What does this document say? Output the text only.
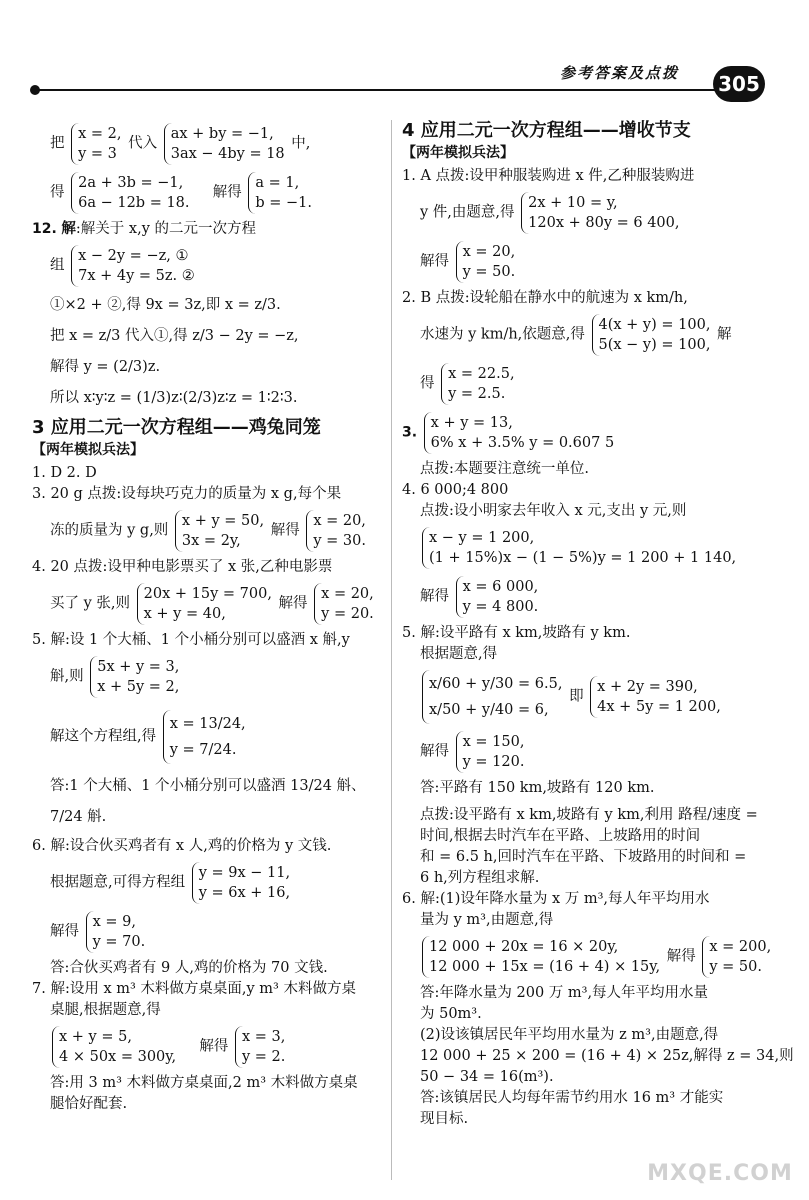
参考答案及点拨 305
把
x = 2,
y = 3
代入
ax + by = −1,
3ax − 4by = 18
中,
得
2a + 3b = −1,
6a − 12b = 18.
解得
a = 1,
b = −1.

12. 解:解关于 x,y 的二元一次方程

组
x − 2y = −z, ①
7x + 4y = 5z. ②

①×2 + ②,得 9x = 3z,即 x = z/3.

把 x = z/3 代入①,得 z/3 − 2y = −z,

解得 y = (2/3)z.

所以 x∶y∶z = (1/3)z∶(2/3)z∶z = 1∶2∶3.

3 应用二元一次方程组——鸡兔同笼
【两年模拟兵法】

1. D 2. D

3. 20 g 点拨:设每块巧克力的质量为 x g,每个果

冻的质量为 y g,则
x + y = 50,
3x = 2y,
解得
x = 20,
y = 30.

4. 20 点拨:设甲种电影票买了 x 张,乙种电影票

买了 y 张,则
20x + 15y = 700,
x + y = 40,
解得
x = 20,
y = 20.

5. 解:设 1 个大桶、1 个小桶分别可以盛酒 x 斛,y

斛,则
5x + y = 3,
x + 5y = 2,
解这个方程组,得
x = 13/24,
y = 7/24.

答:1 个大桶、1 个小桶分别可以盛酒 13/24 斛、

7/24 斛.

6. 解:设合伙买鸡者有 x 人,鸡的价格为 y 文钱.

根据题意,可得方程组
y = 9x − 11,
y = 6x + 16,
解得
x = 9,
y = 70.

答:合伙买鸡者有 9 人,鸡的价格为 70 文钱.

7. 解:设用 x m³ 木料做方桌桌面,y m³ 木料做方桌

桌腿,根据题意,得

x + y = 5,
4 × 50x = 300y,
解得
x = 3,
y = 2.

答:用 3 m³ 木料做方桌桌面,2 m³ 木料做方桌桌

腿恰好配套.

4 应用二元一次方程组——增收节支
【两年模拟兵法】

1. A 点拨:设甲种服装购进 x 件,乙种服装购进

y 件,由题意,得
2x + 10 = y,
120x + 80y = 6 400,
解得
x = 20,
y = 50.

2. B 点拨:设轮船在静水中的航速为 x km/h,

水速为 y km/h,依题意,得
4(x + y) = 100,
5(x − y) = 100,
解
得
x = 22.5,
y = 2.5.
3.
x + y = 13,
6% x + 3.5% y = 0.607 5

点拨:本题要注意统一单位.

4. 6 000;4 800

点拨:设小明家去年收入 x 元,支出 y 元,则

x − y = 1 200,
(1 + 15%)x − (1 − 5%)y = 1 200 + 1 140,
解得
x = 6 000,
y = 4 800.

5. 解:设平路有 x km,坡路有 y km.

根据题意,得

x/60 + y/30 = 6.5,
x/50 + y/40 = 6,
即
x + 2y = 390,
4x + 5y = 1 200,
解得
x = 150,
y = 120.

答:平路有 150 km,坡路有 120 km.

点拨:设平路有 x km,坡路有 y km,利用 路程/速度 =

时间,根据去时汽车在平路、上坡路用的时间

和 = 6.5 h,回时汽车在平路、下坡路用的时间和 =

6 h,列方程组求解.

6. 解:(1)设年降水量为 x 万 m³,每人年平均用水

量为 y m³,由题意,得

12 000 + 20x = 16 × 20y,
12 000 + 15x = (16 + 4) × 15y,
解得
x = 200,
y = 50.

答:年降水量为 200 万 m³,每人年平均用水量

为 50m³.

(2)设该镇居民年平均用水量为 z m³,由题意,得

12 000 + 25 × 200 = (16 + 4) × 25z,解得 z = 34,则

50 − 34 = 16(m³).

答:该镇居民人均每年需节约用水 16 m³ 才能实

现目标.

MXQE.COM
